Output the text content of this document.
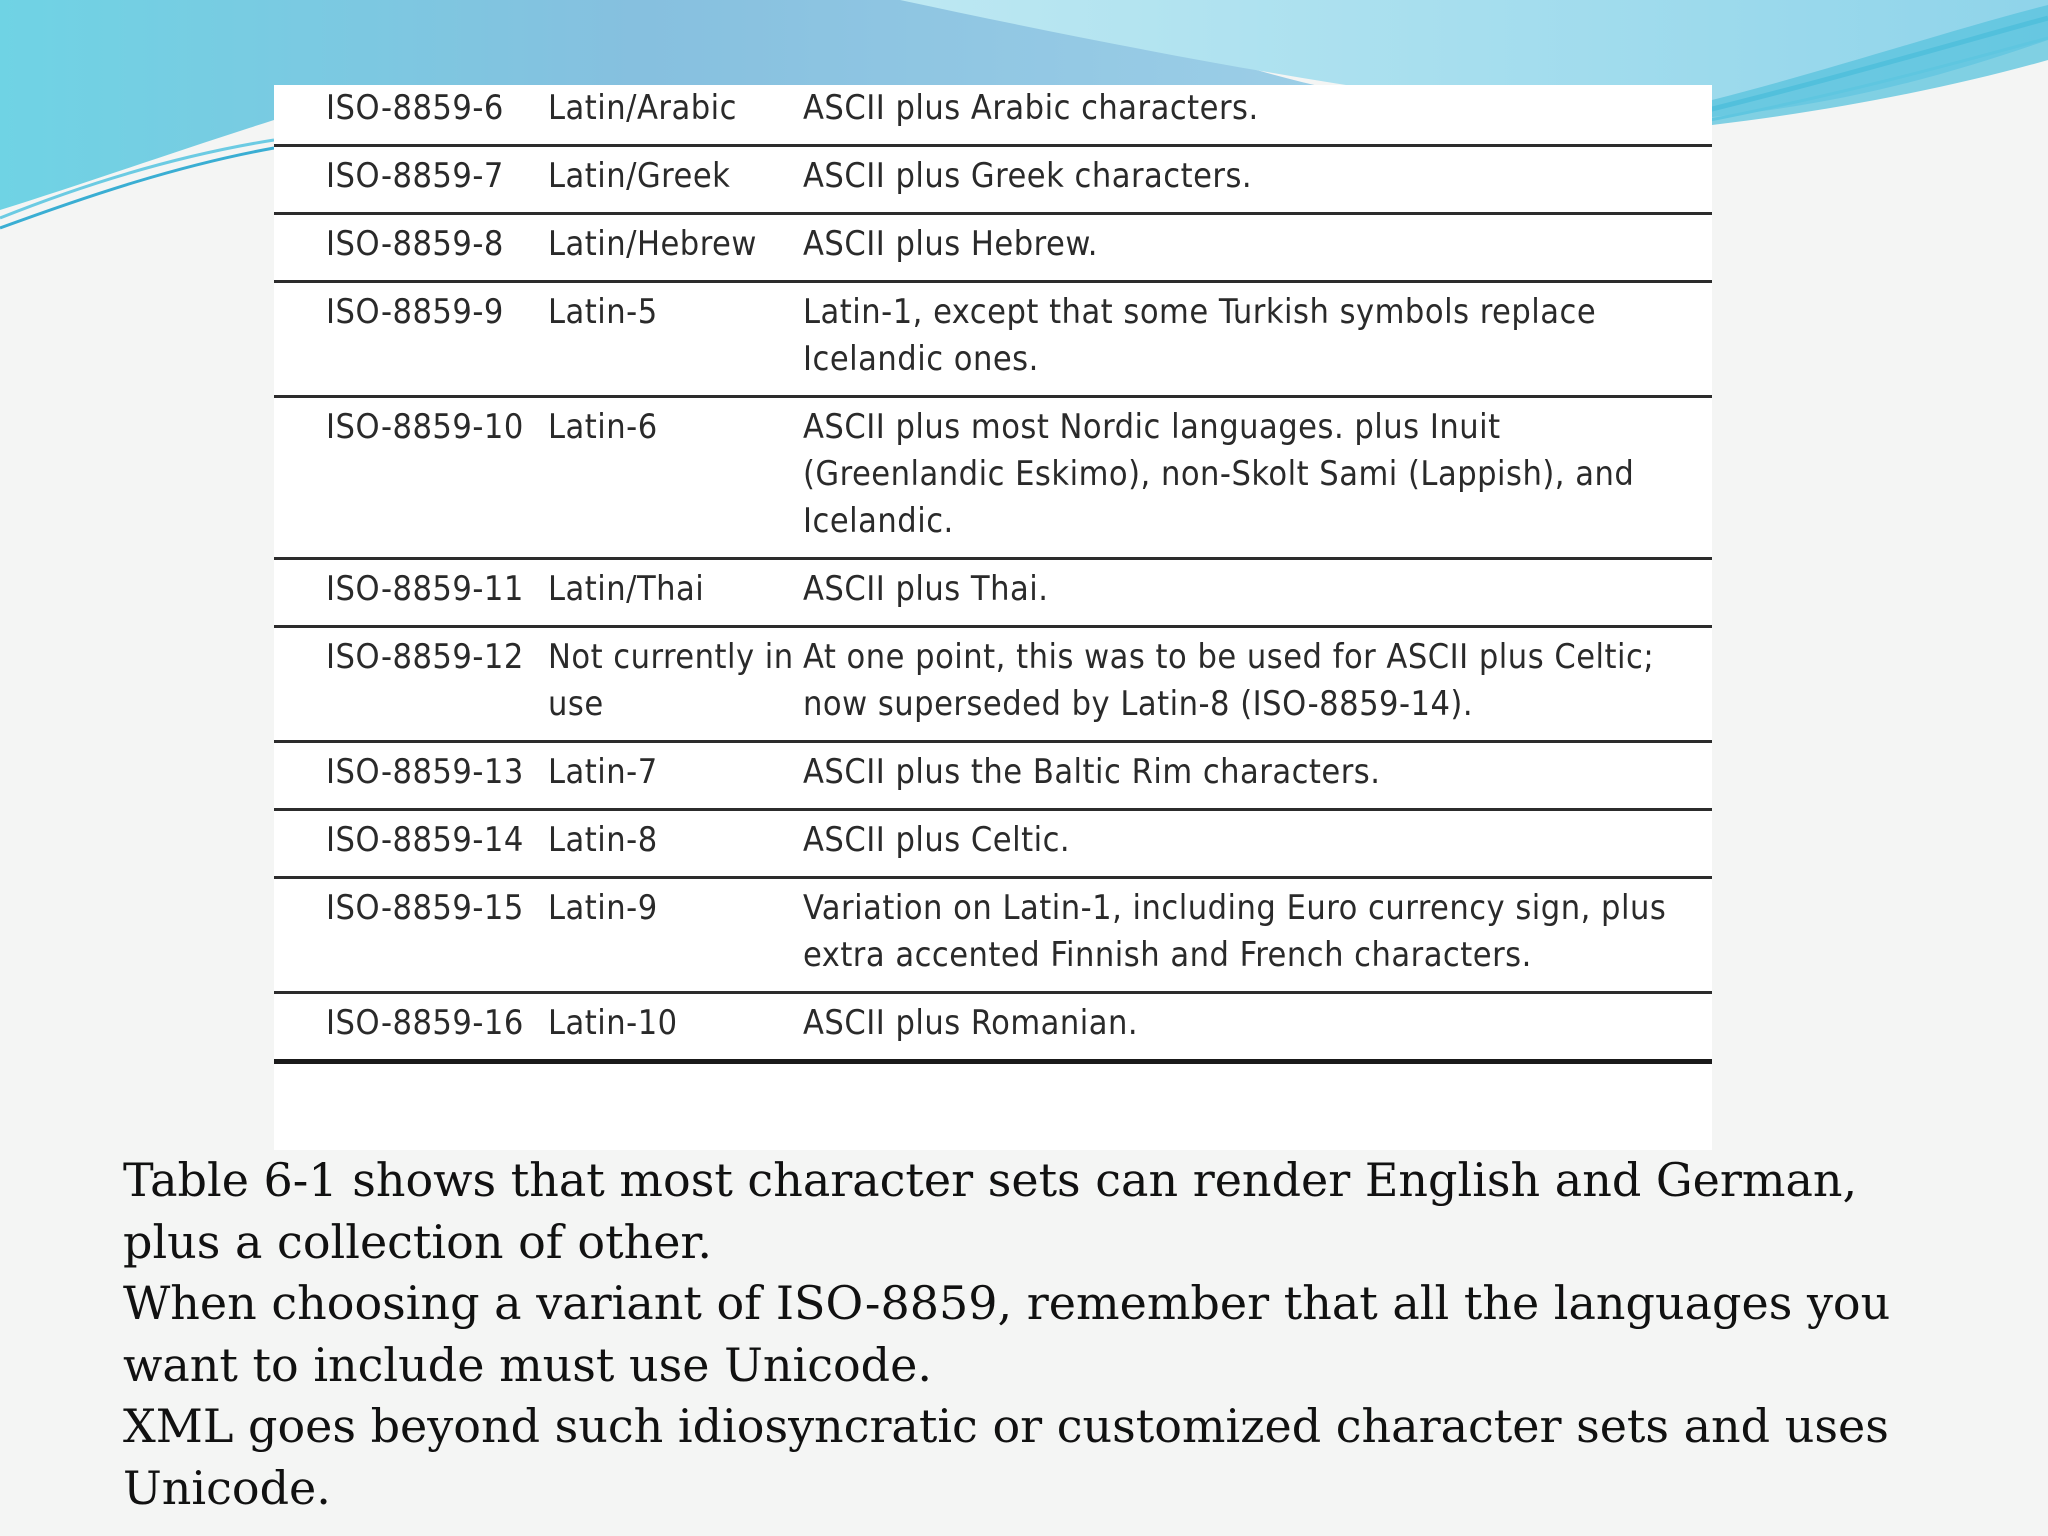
ISO-8859-6	Latin/Arabic	ASCII plus Arabic characters.

ISO-8859-7	Latin/Greek	ASCII plus Greek characters.

ISO-8859-8	Latin/Hebrew	ASCII plus Hebrew.

ISO-8859-9	Latin-5	Latin-1, except that some Turkish symbols replace Icelandic ones.

ISO-8859-10	Latin-6	ASCII plus most Nordic languages. plus Inuit (Greenlandic Eskimo), non-Skolt Sami (Lappish), and Icelandic.

ISO-8859-11	Latin/Thai	ASCII plus Thai.

ISO-8859-12	Not currently in use	At one point, this was to be used for ASCII plus Celtic; now superseded by Latin-8 (ISO-8859-14).

ISO-8859-13	Latin-7	ASCII plus the Baltic Rim characters.

ISO-8859-14	Latin-8	ASCII plus Celtic.

ISO-8859-15	Latin-9	Variation on Latin-1, including Euro currency sign, plus extra accented Finnish and French characters.

ISO-8859-16	Latin-10	ASCII plus Romanian.

Table 6-1 shows that most character sets can render English and German, plus a collection of other.

When choosing a variant of ISO-8859, remember that all the languages you want to include must use Unicode.

XML goes beyond such idiosyncratic or customized character sets and uses Unicode.
